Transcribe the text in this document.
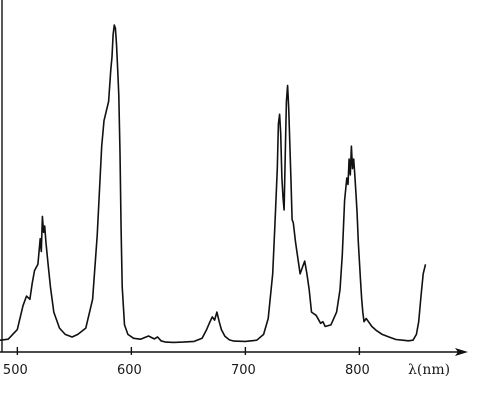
500	600	700	800	λ(nm)
